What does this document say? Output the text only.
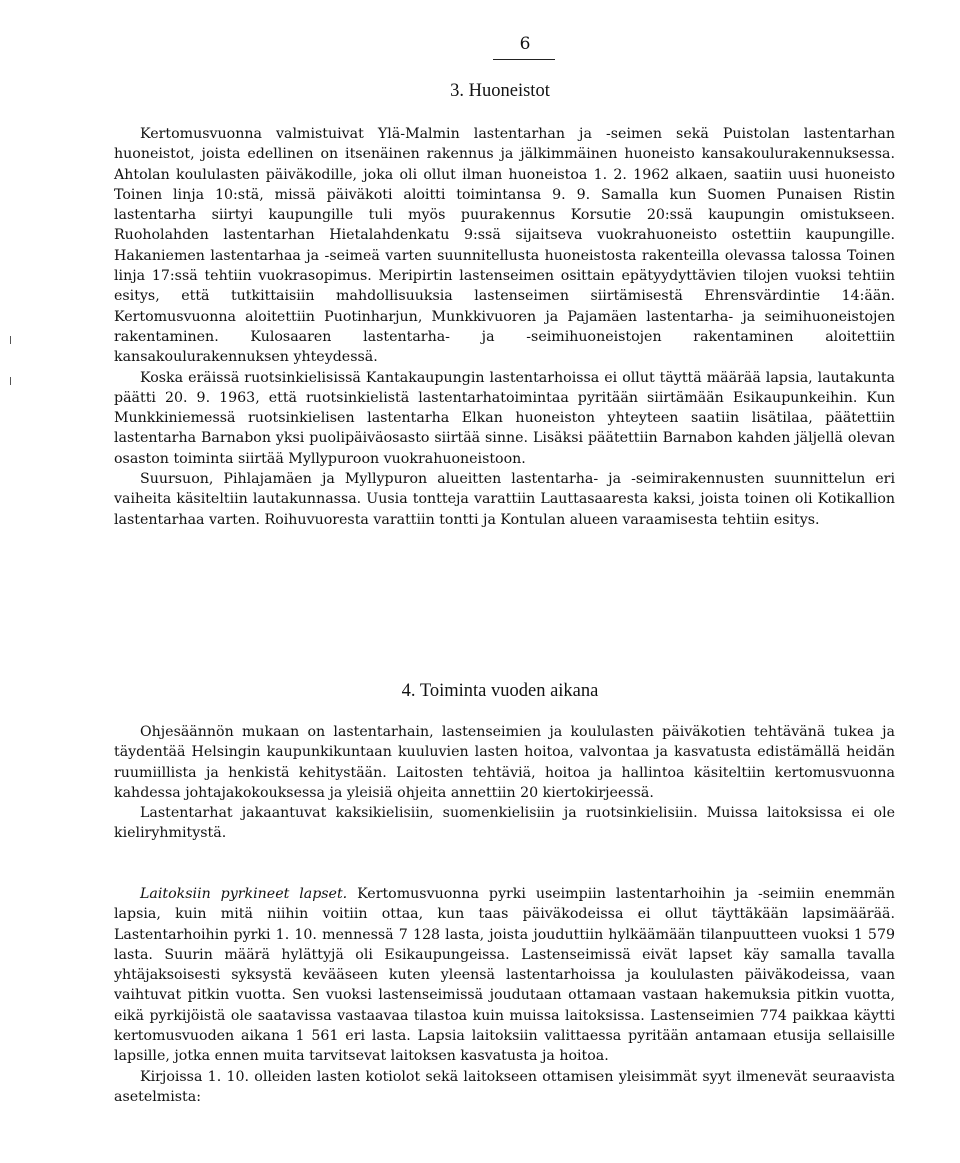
6
3. Huoneistot

Kertomusvuonna valmistuivat Ylä-Malmin lastentarhan ja -seimen sekä Puistolan lastentarhan huoneistot, joista edellinen on itsenäinen rakennus ja jälkimmäinen huoneisto kansakoulurakennuksessa. Ahtolan koululasten päiväkodille, joka oli ollut ilman huoneistoa 1. 2. 1962 alkaen, saatiin uusi huoneisto Toinen linja 10:stä, missä päiväkoti aloitti toimintansa 9. 9. Samalla kun Suomen Punaisen Ristin lastentarha siirtyi kaupungille tuli myös puurakennus Korsutie 20:ssä kaupungin omistukseen. Ruoholahden lastentarhan Hietalahdenkatu 9:ssä sijaitseva vuokrahuoneisto ostettiin kaupungille. Hakaniemen lastentarhaa ja -seimeä varten suunnitellusta huoneistosta rakenteilla olevassa talossa Toinen linja 17:ssä tehtiin vuokrasopimus. Meripirtin lastenseimen osittain epätyydyttävien tilojen vuoksi tehtiin esitys, että tutkittaisiin mahdollisuuksia lastenseimen siirtämisestä Ehrensvärdintie 14:ään. Kertomusvuonna aloitettiin Puotinharjun, Munkkivuoren ja Pajamäen lastentarha- ja seimihuoneistojen rakentaminen. Kulosaaren lastentarha- ja -seimihuoneistojen rakentaminen aloitettiin kansakoulurakennuksen yhteydessä.

Koska eräissä ruotsinkielisissä Kantakaupungin lastentarhoissa ei ollut täyttä määrää lapsia, lautakunta päätti 20. 9. 1963, että ruotsinkielistä lastentarhatoimintaa pyritään siirtämään Esikaupunkeihin. Kun Munkkiniemessä ruotsinkielisen lastentarha Elkan huoneiston yhteyteen saatiin lisätilaa, päätettiin lastentarha Barnabon yksi puolipäiväosasto siirtää sinne. Lisäksi päätettiin Barnabon kahden jäljellä olevan osaston toiminta siirtää Myllypuroon vuokrahuoneistoon.

Suursuon, Pihlajamäen ja Myllypuron alueitten lastentarha- ja -seimirakennusten suunnittelun eri vaiheita käsiteltiin lautakunnassa. Uusia tontteja varattiin Lauttasaaresta kaksi, joista toinen oli Kotikallion lastentarhaa varten. Roihuvuoresta varattiin tontti ja Kontulan alueen varaamisesta tehtiin esitys.

4. Toiminta vuoden aikana

Ohjesäännön mukaan on lastentarhain, lastenseimien ja koululasten päiväkotien tehtävänä tukea ja täydentää Helsingin kaupunkikuntaan kuuluvien lasten hoitoa, valvontaa ja kasvatusta edistämällä heidän ruumiillista ja henkistä kehitystään. Laitosten tehtäviä, hoitoa ja hallintoa käsiteltiin kertomusvuonna kahdessa johtajakokouksessa ja yleisiä ohjeita annettiin 20 kiertokirjeessä.

Lastentarhat jakaantuvat kaksikielisiin, suomenkielisiin ja ruotsinkielisiin. Muissa laitoksissa ei ole kieliryhmitystä.

Laitoksiin pyrkineet lapset. Kertomusvuonna pyrki useimpiin lastentarhoihin ja -seimiin enemmän lapsia, kuin mitä niihin voitiin ottaa, kun taas päiväkodeissa ei ollut täyttäkään lapsimäärää. Lastentarhoihin pyrki 1. 10. mennessä 7 128 lasta, joista jouduttiin hylkäämään tilanpuutteen vuoksi 1 579 lasta. Suurin määrä hylättyjä oli Esikaupungeissa. Lastenseimissä eivät lapset käy samalla tavalla yhtäjaksoisesti syksystä kevääseen kuten yleensä lastentarhoissa ja koululasten päiväkodeissa, vaan vaihtuvat pitkin vuotta. Sen vuoksi lastenseimissä joudutaan ottamaan vastaan hakemuksia pitkin vuotta, eikä pyrkijöistä ole saatavissa vastaavaa tilastoa kuin muissa laitoksissa. Lastenseimien 774 paikkaa käytti kertomusvuoden aikana 1 561 eri lasta. Lapsia laitoksiin valittaessa pyritään antamaan etusija sellaisille lapsille, jotka ennen muita tarvitsevat laitoksen kasvatusta ja hoitoa.

Kirjoissa 1. 10. olleiden lasten kotiolot sekä laitokseen ottamisen yleisimmät syyt ilmenevät seuraavista asetelmista:
